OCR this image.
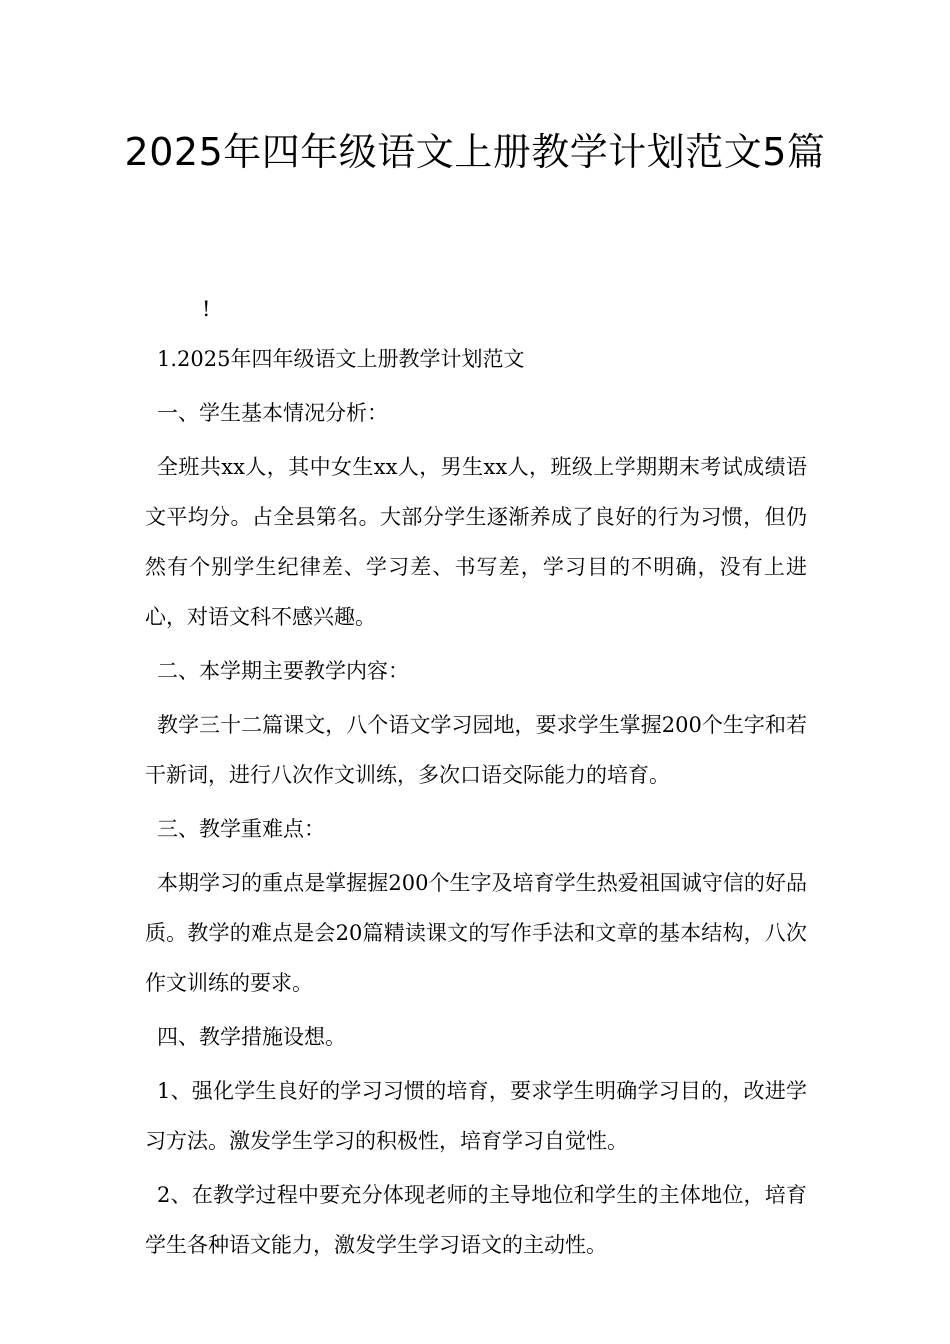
2025年四年级语文上册教学计划范文5篇

!

1.2025年四年级语文上册教学计划范文

一、学生基本情况分析：

全班共xx人，其中女生xx人，男生xx人，班级上学期期末考试成绩语文平均分。占全县第名。大部分学生逐渐养成了良好的行为习惯，但仍然有个别学生纪律差、学习差、书写差，学习目的不明确，没有上进心，对语文科不感兴趣。

二、本学期主要教学内容：

教学三十二篇课文，八个语文学习园地，要求学生掌握200个生字和若干新词，进行八次作文训练，多次口语交际能力的培育。

三、教学重难点：

本期学习的重点是掌握握200个生字及培育学生热爱祖国诚守信的好品质。教学的难点是会20篇精读课文的写作手法和文章的基本结构，八次作文训练的要求。

四、教学措施设想。

1、强化学生良好的学习习惯的培育，要求学生明确学习目的，改进学习方法。激发学生学习的积极性，培育学习自觉性。

2、在教学过程中要充分体现老师的主导地位和学生的主体地位，培育学生各种语文能力，激发学生学习语文的主动性。
